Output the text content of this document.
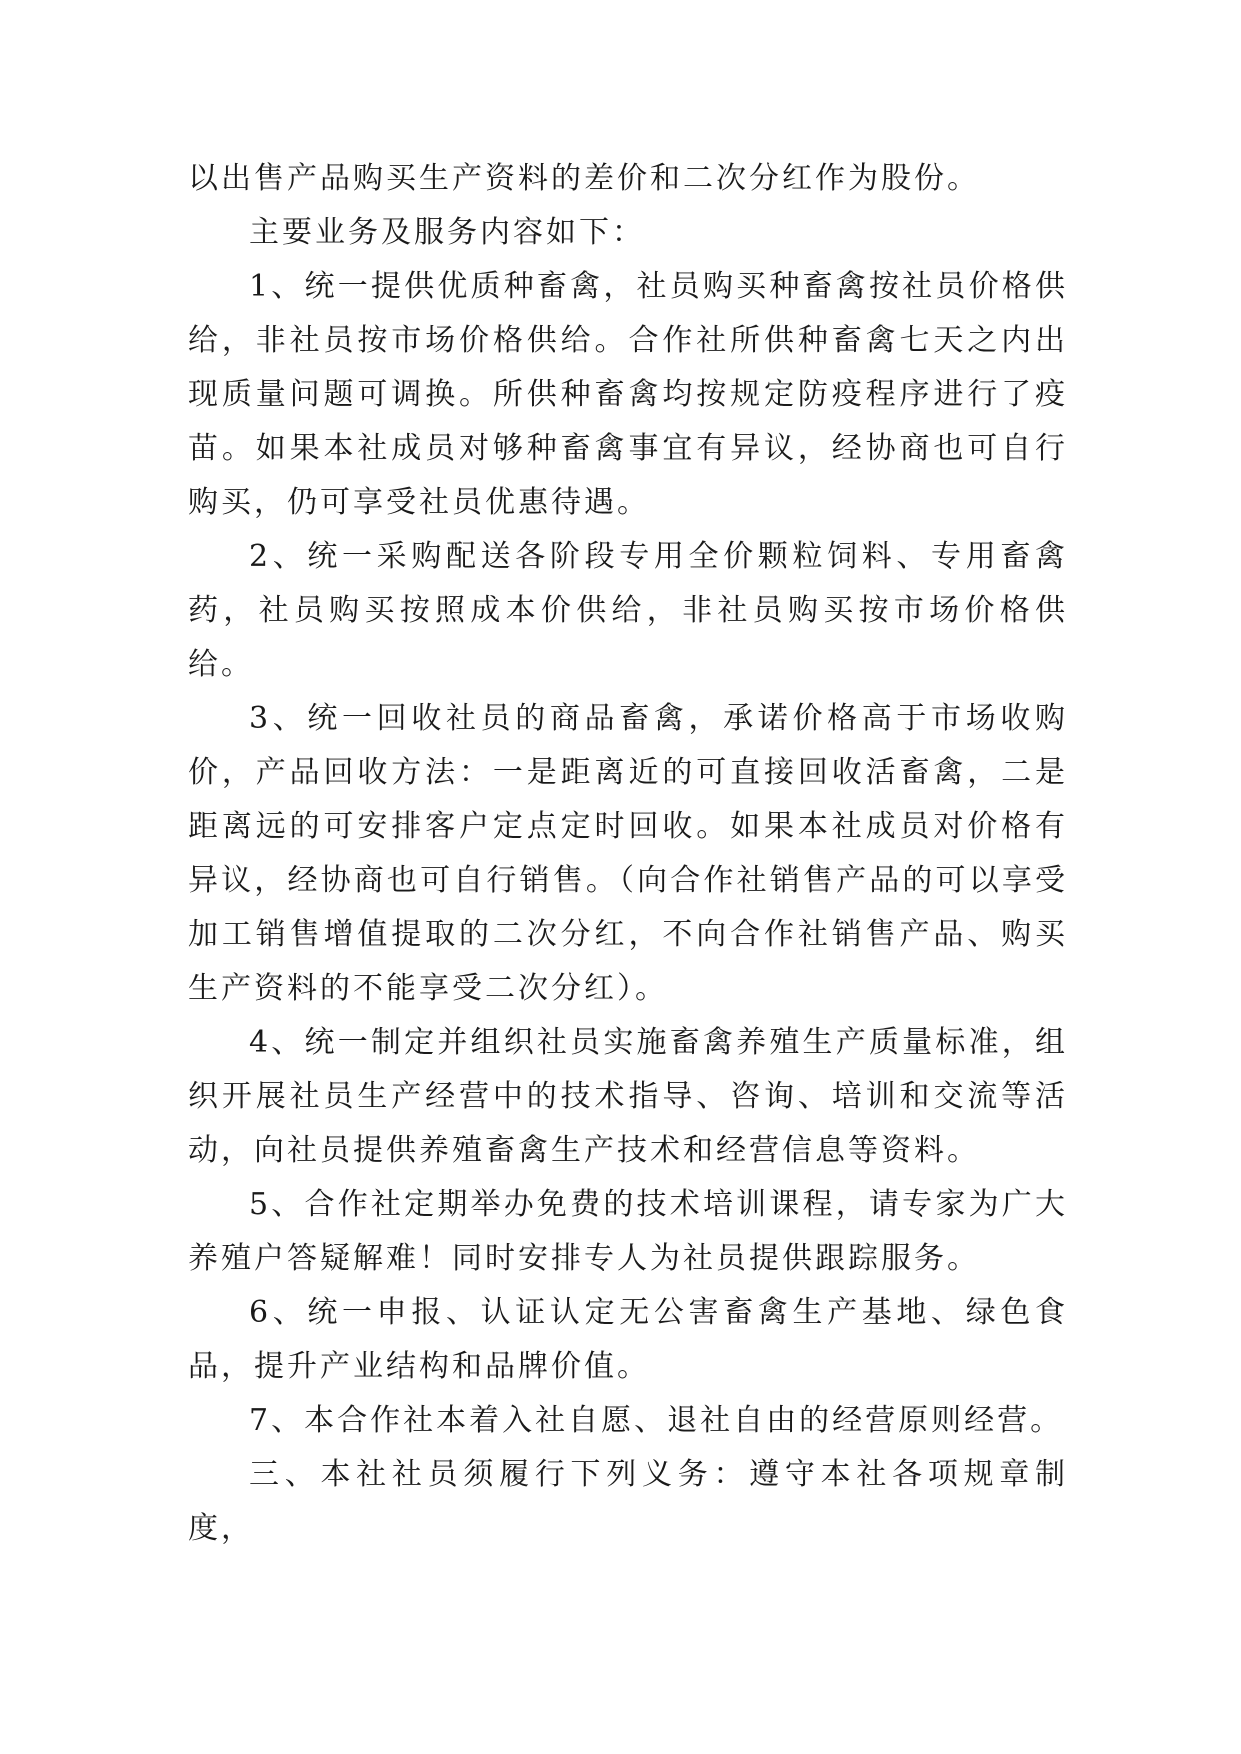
以出售产品购买生产资料的差价和二次分红作为股份。

主要业务及服务内容如下：

1、统一提供优质种畜禽，社员购买种畜禽按社员价格供给，非社员按市场价格供给。合作社所供种畜禽七天之内出现质量问题可调换。所供种畜禽均按规定防疫程序进行了疫苗。如果本社成员对够种畜禽事宜有异议，经协商也可自行购买，仍可享受社员优惠待遇。

2、统一采购配送各阶段专用全价颗粒饲料、专用畜禽药，社员购买按照成本价供给，非社员购买按市场价格供给。

3、统一回收社员的商品畜禽，承诺价格高于市场收购价，产品回收方法：一是距离近的可直接回收活畜禽，二是距离远的可安排客户定点定时回收。如果本社成员对价格有异议，经协商也可自行销售。（向合作社销售产品的可以享受加工销售增值提取的二次分红，不向合作社销售产品、购买生产资料的不能享受二次分红）。

4、统一制定并组织社员实施畜禽养殖生产质量标准，组织开展社员生产经营中的技术指导、咨询、培训和交流等活动，向社员提供养殖畜禽生产技术和经营信息等资料。

5、合作社定期举办免费的技术培训课程，请专家为广大养殖户答疑解难！同时安排专人为社员提供跟踪服务。

6、统一申报、认证认定无公害畜禽生产基地、绿色食品，提升产业结构和品牌价值。

7、本合作社本着入社自愿、退社自由的经营原则经营。

三、本社社员须履行下列义务：遵守本社各项规章制度，
